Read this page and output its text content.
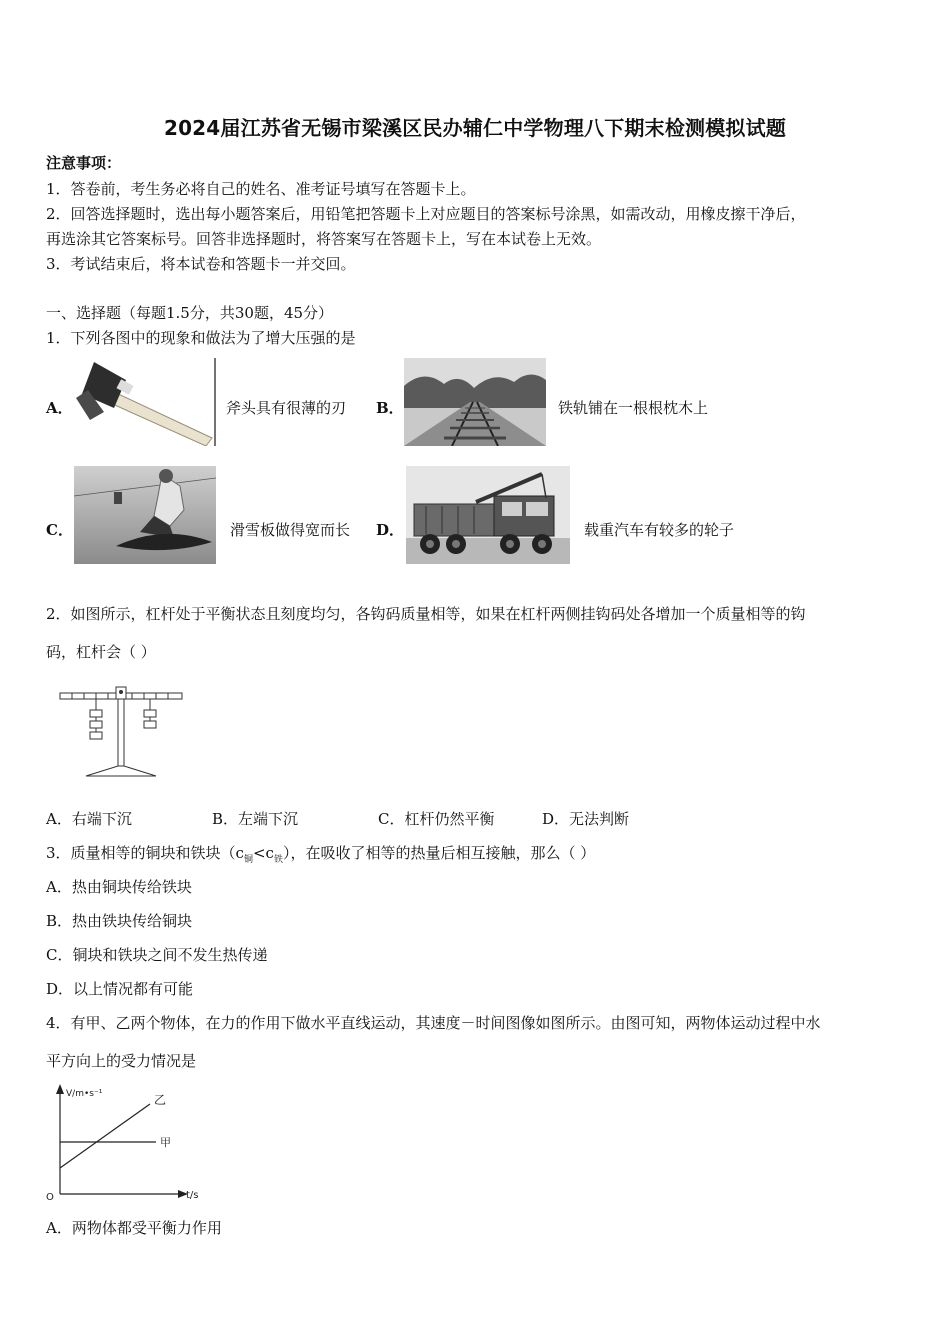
2024届江苏省无锡市梁溪区民办辅仁中学物理八下期末检测模拟试题
注意事项：
1．答卷前，考生务必将自己的姓名、准考证号填写在答题卡上。
2．回答选择题时，选出每小题答案后，用铅笔把答题卡上对应题目的答案标号涂黑，如需改动，用橡皮擦干净后，
再选涂其它答案标号。回答非选择题时，将答案写在答题卡上，写在本试卷上无效。
3．考试结束后，将本试卷和答题卡一并交回。
一、选择题（每题1.5分，共30题，45分）
1．下列各图中的现象和做法为了增大压强的是
A．	斧头具有很薄的刃 B．	铁轨铺在一根根枕木上
C．	滑雪板做得宽而长 D．	载重汽车有较多的轮子
2．如图所示，杠杆处于平衡状态且刻度均匀，各钩码质量相等，如果在杠杆两侧挂钩码处各增加一个质量相等的钩
码，杠杆会（ ）
A．右端下沉	B．左端下沉	C．杠杆仍然平衡	D．无法判断
3．质量相等的铜块和铁块$(c_铜<c_铁)$，在吸收了相等的热量后相互接触，那么（ ）
A．热由铜块传给铁块
B．热由铁块传给铜块
C．铜块和铁块之间不发生热传递
D．以上情况都有可能
4．有甲、乙两个物体，在力的作用下做水平直线运动，其速度－时间图像如图所示。由图可知，两物体运动过程中水
平方向上的受力情况是
V/m•s⁻¹
t/s
O
乙
甲
A．两物体都受平衡力作用
